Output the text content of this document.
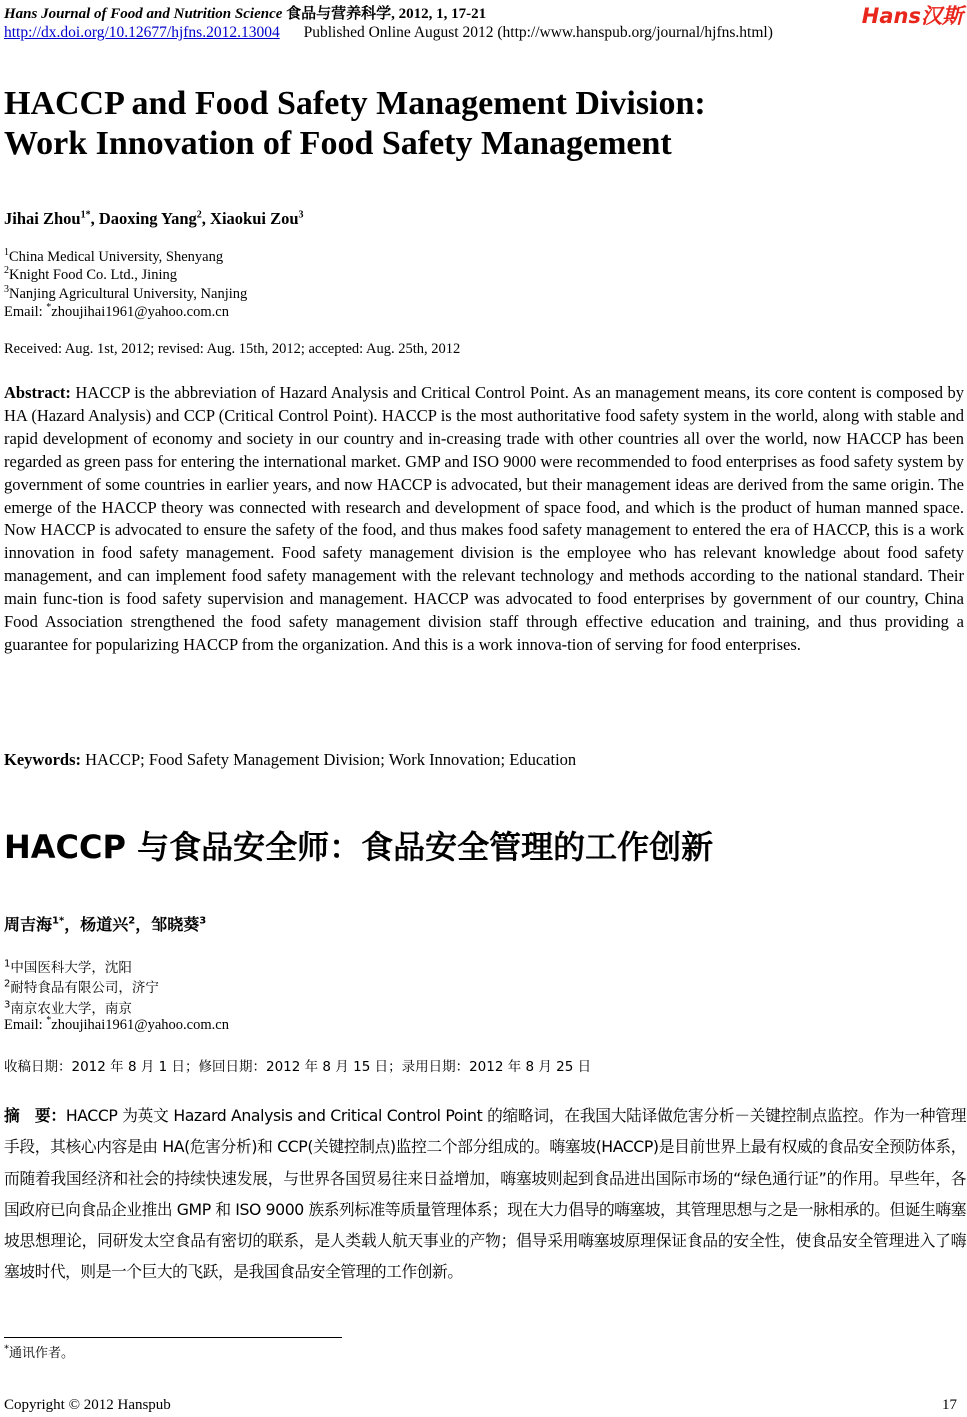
Hans Journal of Food and Nutrition Science 食品与营养科学, 2012, 1, 17-21	Hans汉斯
http://dx.doi.org/10.12677/hjfns.2012.13004 Published Online August 2012 (http://www.hanspub.org/journal/hjfns.html)
HACCP and Food Safety Management Division:
Work Innovation of Food Safety Management
Jihai Zhou$^{1*}$, Daoxing Yang$^2$, Xiaokui Zou$^3$
$^1$China Medical University, Shenyang
$^2$Knight Food Co. Ltd., Jining
$^3$Nanjing Agricultural University, Nanjing
Email: *zhoujihai1961@yahoo.com.cn
Received: Aug. 1st, 2012; revised: Aug. 15th, 2012; accepted: Aug. 25th, 2012
Abstract: HACCP is the abbreviation of Hazard Analysis and Critical Control Point. As an management means, its core content is composed by HA (Hazard Analysis) and CCP (Critical Control Point). HACCP is the most authoritative food safety system in the world, along with stable and rapid development of economy and society in our country and in-creasing trade with other countries all over the world, now HACCP has been regarded as green pass for entering the international market. GMP and ISO 9000 were recommended to food enterprises as food safety system by government of some countries in earlier years, and now HACCP is advocated, but their management ideas are derived from the same origin. The emerge of the HACCP theory was connected with research and development of space food, and which is the product of human manned space. Now HACCP is advocated to ensure the safety of the food, and thus makes food safety management to entered the era of HACCP, this is a work innovation in food safety management. Food safety management division is the employee who has relevant knowledge about food safety management, and can implement food safety management with the relevant technology and methods according to the national standard. Their main func-tion is food safety supervision and management. HACCP was advocated to food enterprises by government of our country, China Food Association strengthened the food safety management division staff through effective education and training, and thus providing a guarantee for popularizing HACCP from the organization. And this is a work innova-tion of serving for food enterprises.
Keywords: HACCP; Food Safety Management Division; Work Innovation; Education
HACCP 与食品安全师：食品安全管理的工作创新
周吉海$^{1*}$，杨道兴$^2$，邹晓葵$^3$
$^1$中国医科大学，沈阳
$^2$耐特食品有限公司，济宁
$^3$南京农业大学，南京
Email: *zhoujihai1961@yahoo.com.cn
收稿日期：2012 年 8 月 1 日；修回日期：2012 年 8 月 15 日；录用日期：2012 年 8 月 25 日
摘　要：HACCP 为英文 Hazard Analysis and Critical Control Point 的缩略词，在我国大陆译做危害分析－关键控制点监控。作为一种管理手段，其核心内容是由 HA(危害分析)和 CCP(关键控制点)监控二个部分组成的。嗨塞坡(HACCP)是目前世界上最有权威的食品安全预防体系，而随着我国经济和社会的持续快速发展，与世界各国贸易往来日益增加，嗨塞坡则起到食品进出国际市场的“绿色通行证”的作用。早些年，各国政府已向食品企业推出 GMP 和 ISO 9000 族系列标准等质量管理体系；现在大力倡导的嗨塞坡，其管理思想与之是一脉相承的。但诞生嗨塞坡思想理论，同研发太空食品有密切的联系，是人类载人航天事业的产物；倡导采用嗨塞坡原理保证食品的安全性，使食品安全管理进入了嗨塞坡时代，则是一个巨大的飞跃，是我国食品安全管理的工作创新。
*通讯作者。
Copyright © 2012 Hanspub	17
